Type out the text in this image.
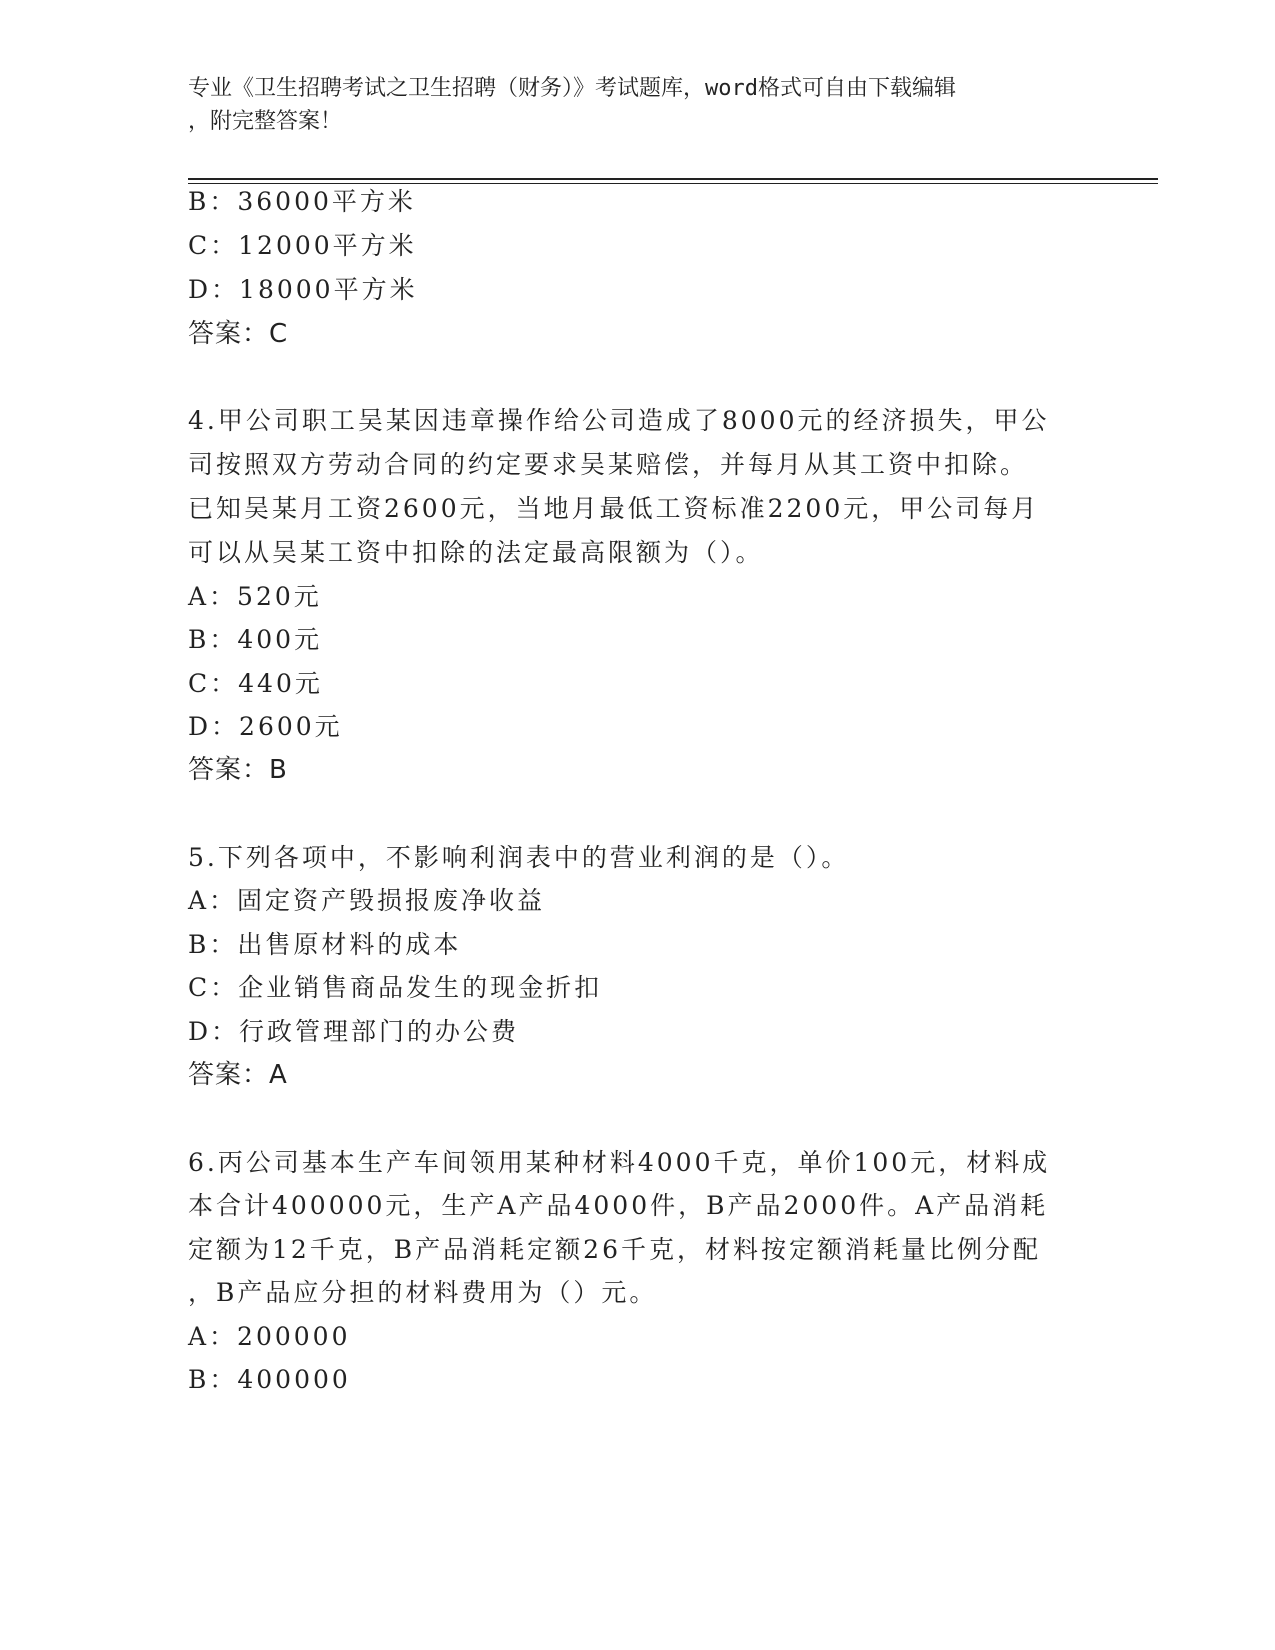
专业《卫生招聘考试之卫生招聘（财务）》考试题库，word格式可自由下载编辑
，附完整答案！
B：36000平方米
C：12000平方米
D：18000平方米
答案：C
4.甲公司职工吴某因违章操作给公司造成了8000元的经济损失，甲公
司按照双方劳动合同的约定要求吴某赔偿，并每月从其工资中扣除。
已知吴某月工资2600元，当地月最低工资标准2200元，甲公司每月
可以从吴某工资中扣除的法定最高限额为（）。
A：520元
B：400元
C：440元
D：2600元
答案：B
5.下列各项中，不影响利润表中的营业利润的是（）。
A：固定资产毁损报废净收益
B：出售原材料的成本
C：企业销售商品发生的现金折扣
D：行政管理部门的办公费
答案：A
6.丙公司基本生产车间领用某种材料4000千克，单价100元，材料成
本合计400000元，生产A产品4000件，B产品2000件。A产品消耗
定额为12千克，B产品消耗定额26千克，材料按定额消耗量比例分配
，B产品应分担的材料费用为（）元。
A：200000
B：400000
